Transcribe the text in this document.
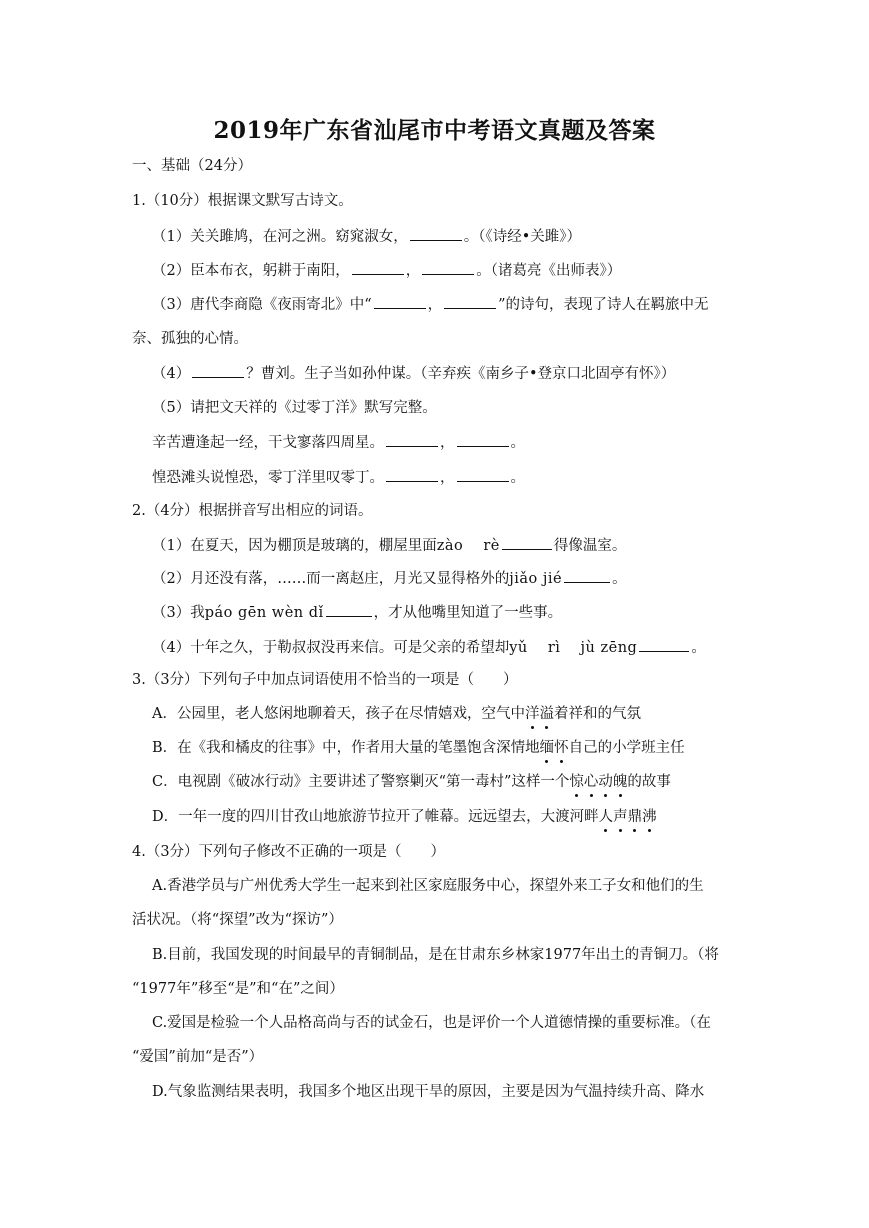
2019年广东省汕尾市中考语文真题及答案
一、基础（24分）
1.（10分）根据课文默写古诗文。
（1）关关雎鸠，在河之洲。窈窕淑女，	。（《诗经•关雎》）
（2）臣本布衣，躬耕于南阳，	，	。（诸葛亮《出师表》）
（3）唐代李商隐《夜雨寄北》中“	，	”的诗句，表现了诗人在羁旅中无
奈、孤独的心情。
（4）	？曹刘。生子当如孙仲谋。（辛弃疾《南乡子•登京口北固亭有怀》）
（5）请把文天祥的《过零丁洋》默写完整。
辛苦遭逢起一经，干戈寥落四周星。	，	。
惶恐滩头说惶恐，零丁洋里叹零丁。	，	。
2.（4分）根据拼音写出相应的词语。
（1）在夏天，因为棚顶是玻璃的，棚屋里面zào　 rè	得像温室。
（2）月还没有落，……而一离赵庄，月光又显得格外的jiǎo jié	。
（3）我páo gēn wèn dǐ	，才从他嘴里知道了一些事。
（4）十年之久，于勒叔叔没再来信。可是父亲的希望却yǔ　 rì　 jù zēng	。
3.（3分）下列句子中加点词语使用不恰当的一项是（　　）
A．公园里，老人悠闲地聊着天，孩子在尽情嬉戏，空气中洋溢着祥和的气氛
B．在《我和橘皮的往事》中，作者用大量的笔墨饱含深情地缅怀自己的小学班主任
C．电视剧《破冰行动》主要讲述了警察剿灭“第一毒村”这样一个惊心动魄的故事
D．一年一度的四川甘孜山地旅游节拉开了帷幕。远远望去，大渡河畔人声鼎沸
4.（3分）下列句子修改不正确的一项是（　　）
A.香港学员与广州优秀大学生一起来到社区家庭服务中心，探望外来工子女和他们的生
活状况。（将“探望”改为“探访”）
B.目前，我国发现的时间最早的青铜制品，是在甘肃东乡林家1977年出土的青铜刀。（将
“1977年”移至“是”和“在”之间）
C.爱国是检验一个人品格高尚与否的试金石，也是评价一个人道德情操的重要标准。（在
“爱国”前加“是否”）
D.气象监测结果表明，我国多个地区出现干旱的原因，主要是因为气温持续升高、降水
